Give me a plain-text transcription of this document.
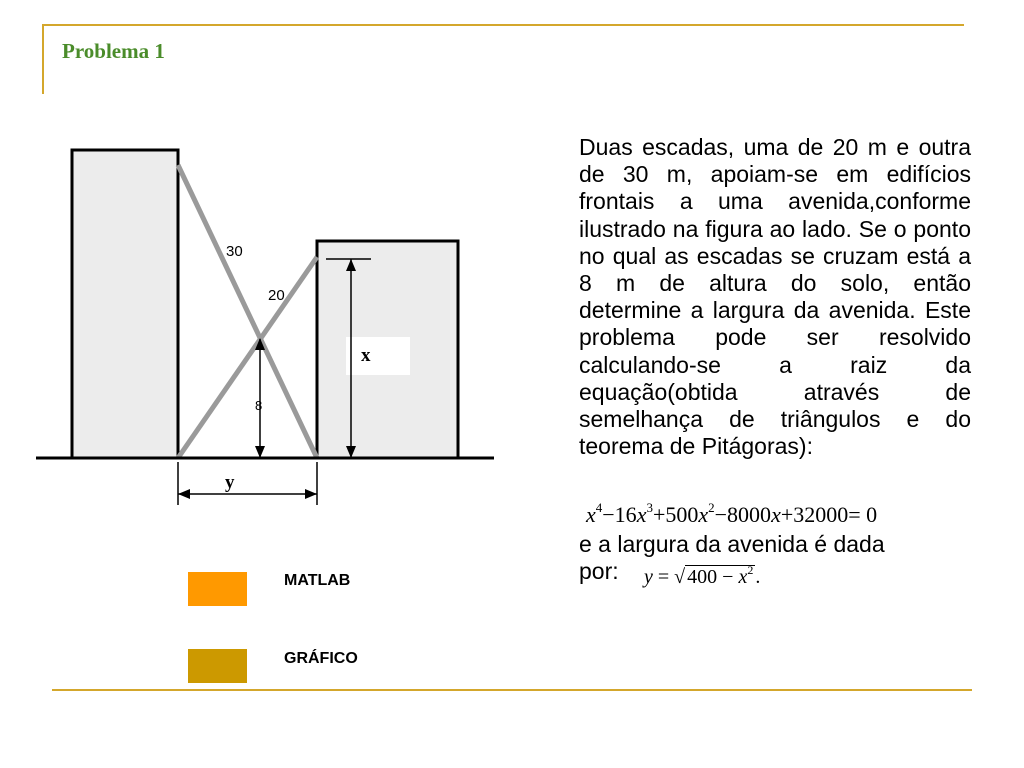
Problema 1
30
20
8
x
y

Duas escadas, uma de 20 m e outra de 30 m, apoiam-se em edifícios frontais a uma avenida,conforme ilustrado na figura ao lado. Se o ponto no qual as escadas se cruzam está a 8 m de altura do solo, então determine a largura da avenida. Este problema pode ser resolvido calculando-se a raiz da equação(obtida através de semelhança de triângulos e do teorema de Pitágoras):

$x^4-16x^3+500x^2-8000x+32000= 0$
e a largura da avenida é dada
por:	y = √ $400 - x^2$ .
MATLAB
GRÁFICO
